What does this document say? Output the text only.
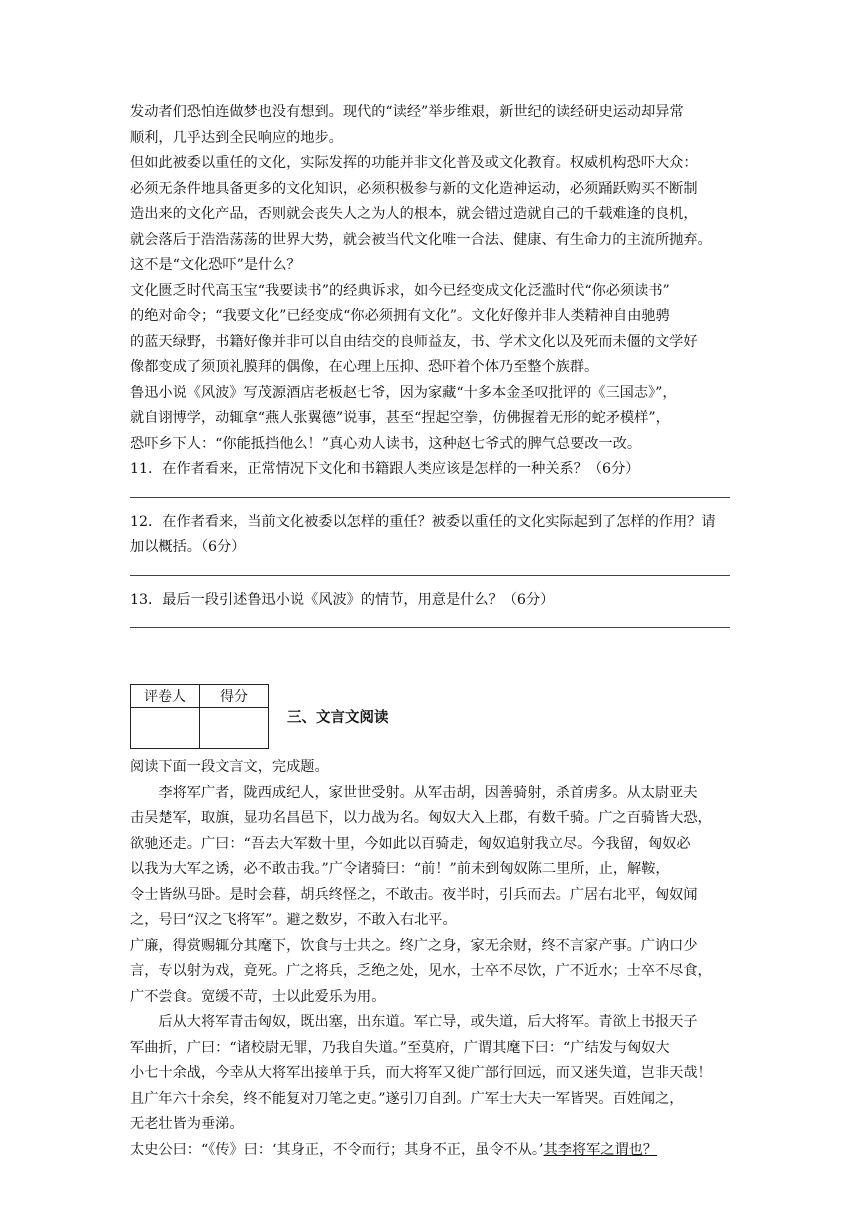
发动者们恐怕连做梦也没有想到。现代的“读经”举步维艰，新世纪的读经研史运动却异常

顺利，几乎达到全民响应的地步。

但如此被委以重任的文化，实际发挥的功能并非文化普及或文化教育。权威机构恐吓大众：

必须无条件地具备更多的文化知识，必须积极参与新的文化造神运动，必须踊跃购买不断制

造出来的文化产品，否则就会丧失人之为人的根本，就会错过造就自己的千载难逢的良机，

就会落后于浩浩荡荡的世界大势，就会被当代文化唯一合法、健康、有生命力的主流所抛弃。

这不是“文化恐吓”是什么？

文化匮乏时代高玉宝“我要读书”的经典诉求，如今已经变成文化泛滥时代“你必须读书”

的绝对命令；“我要文化”已经变成“你必须拥有文化”。文化好像并非人类精神自由驰骋

的蓝天绿野，书籍好像并非可以自由结交的良师益友，书、学术文化以及死而未僵的文学好

像都变成了须顶礼膜拜的偶像，在心理上压抑、恐吓着个体乃至整个族群。

鲁迅小说《风波》写茂源酒店老板赵七爷，因为家藏“十多本金圣叹批评的《三国志》”，

就自诩博学，动辄拿“燕人张翼德”说事，甚至“捏起空拳，仿佛握着无形的蛇矛模样”，

恐吓乡下人：“你能抵挡他么！”真心劝人读书，这种赵七爷式的脾气总要改一改。

11．在作者看来，正常情况下文化和书籍跟人类应该是怎样的一种关系？（6分）

12．在作者看来，当前文化被委以怎样的重任？被委以重任的文化实际起到了怎样的作用？请

加以概括。（6分）

13．最后一段引述鲁迅小说《风波》的情节，用意是什么？（6分）

评卷人	得分

三、文言文阅读

阅读下面一段文言文，完成题。

李将军广者，陇西成纪人，家世世受射。从军击胡，因善骑射，杀首虏多。从太尉亚夫

击吴楚军，取旗，显功名昌邑下，以力战为名。匈奴大入上郡，有数千骑。广之百骑皆大恐，

欲驰还走。广曰：“吾去大军数十里，今如此以百骑走，匈奴追射我立尽。今我留，匈奴必

以我为大军之诱，必不敢击我。”广令诸骑曰：“前！”前未到匈奴陈二里所，止，解鞍，

令士皆纵马卧。是时会暮，胡兵终怪之，不敢击。夜半时，引兵而去。广居右北平，匈奴闻

之，号曰“汉之飞将军”。避之数岁，不敢入右北平。

广廉，得赏赐辄分其麾下，饮食与士共之。终广之身，家无余财，终不言家产事。广讷口少

言，专以射为戏，竟死。广之将兵，乏绝之处，见水，士卒不尽饮，广不近水；士卒不尽食，

广不尝食。宽缓不苛，士以此爱乐为用。

后从大将军青击匈奴，既出塞，出东道。军亡导，或失道，后大将军。青欲上书报天子

军曲折，广曰：“诸校尉无罪，乃我自失道。”至莫府，广谓其麾下曰：“广结发与匈奴大

小七十余战，今幸从大将军出接单于兵，而大将军又徙广部行回远，而又迷失道，岂非天哉！

且广年六十余矣，终不能复对刀笔之吏。”遂引刀自刭。广军士大夫一军皆哭。百姓闻之，

无老壮皆为垂涕。

太史公曰：“《传》曰：‘其身正，不令而行；其身不正，虽令不从。’其李将军之谓也？
